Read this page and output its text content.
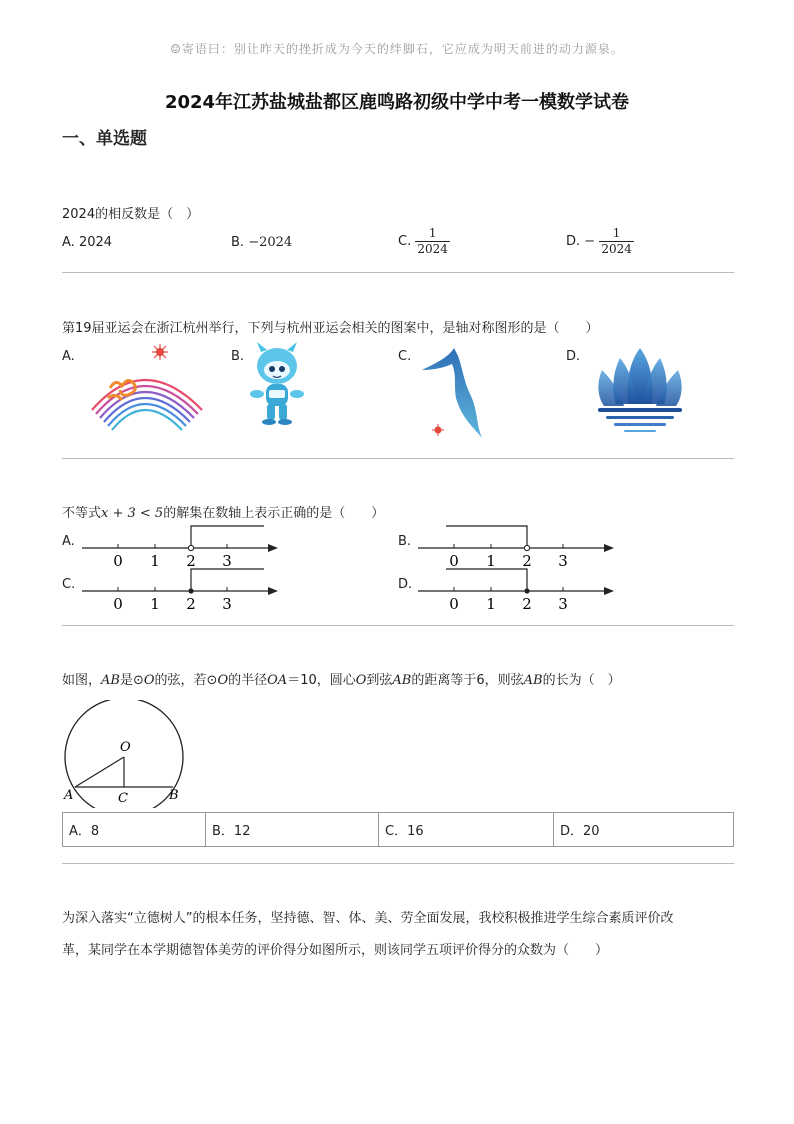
☺寄语曰：别让昨天的挫折成为今天的绊脚石，它应成为明天前进的动力源泉。
2024年江苏盐城盐都区鹿鸣路初级中学中考一模数学试卷
一、单选题
2024的相反数是（　）
A. 2024	B. −2024	C. $\frac{1}{2024}$	D. − $\frac{1}{2024}$
第19届亚运会在浙江杭州举行，下列与杭州亚运会相关的图案中，是轴对称图形的是（　　）
A.	B.	C.	D.
不等式x + 3 < 5的解集在数轴上表示正确的是（　　）
A.	B.
C.	D.
0 1 2 3	0 1 2 3
0 1 2 3	0 1 2 3
如图，AB是⊙O的弦，若⊙O的半径OA＝10，圆心O到弦AB的距离等于6，则弦AB的长为（　）
O
A	B
C
A．8	B．12	C．16	D．20
为深入落实“立德树人”的根本任务，坚持德、智、体、美、劳全面发展，我校积极推进学生综合素质评价改
革，某同学在本学期德智体美劳的评价得分如图所示，则该同学五项评价得分的众数为（　　）
